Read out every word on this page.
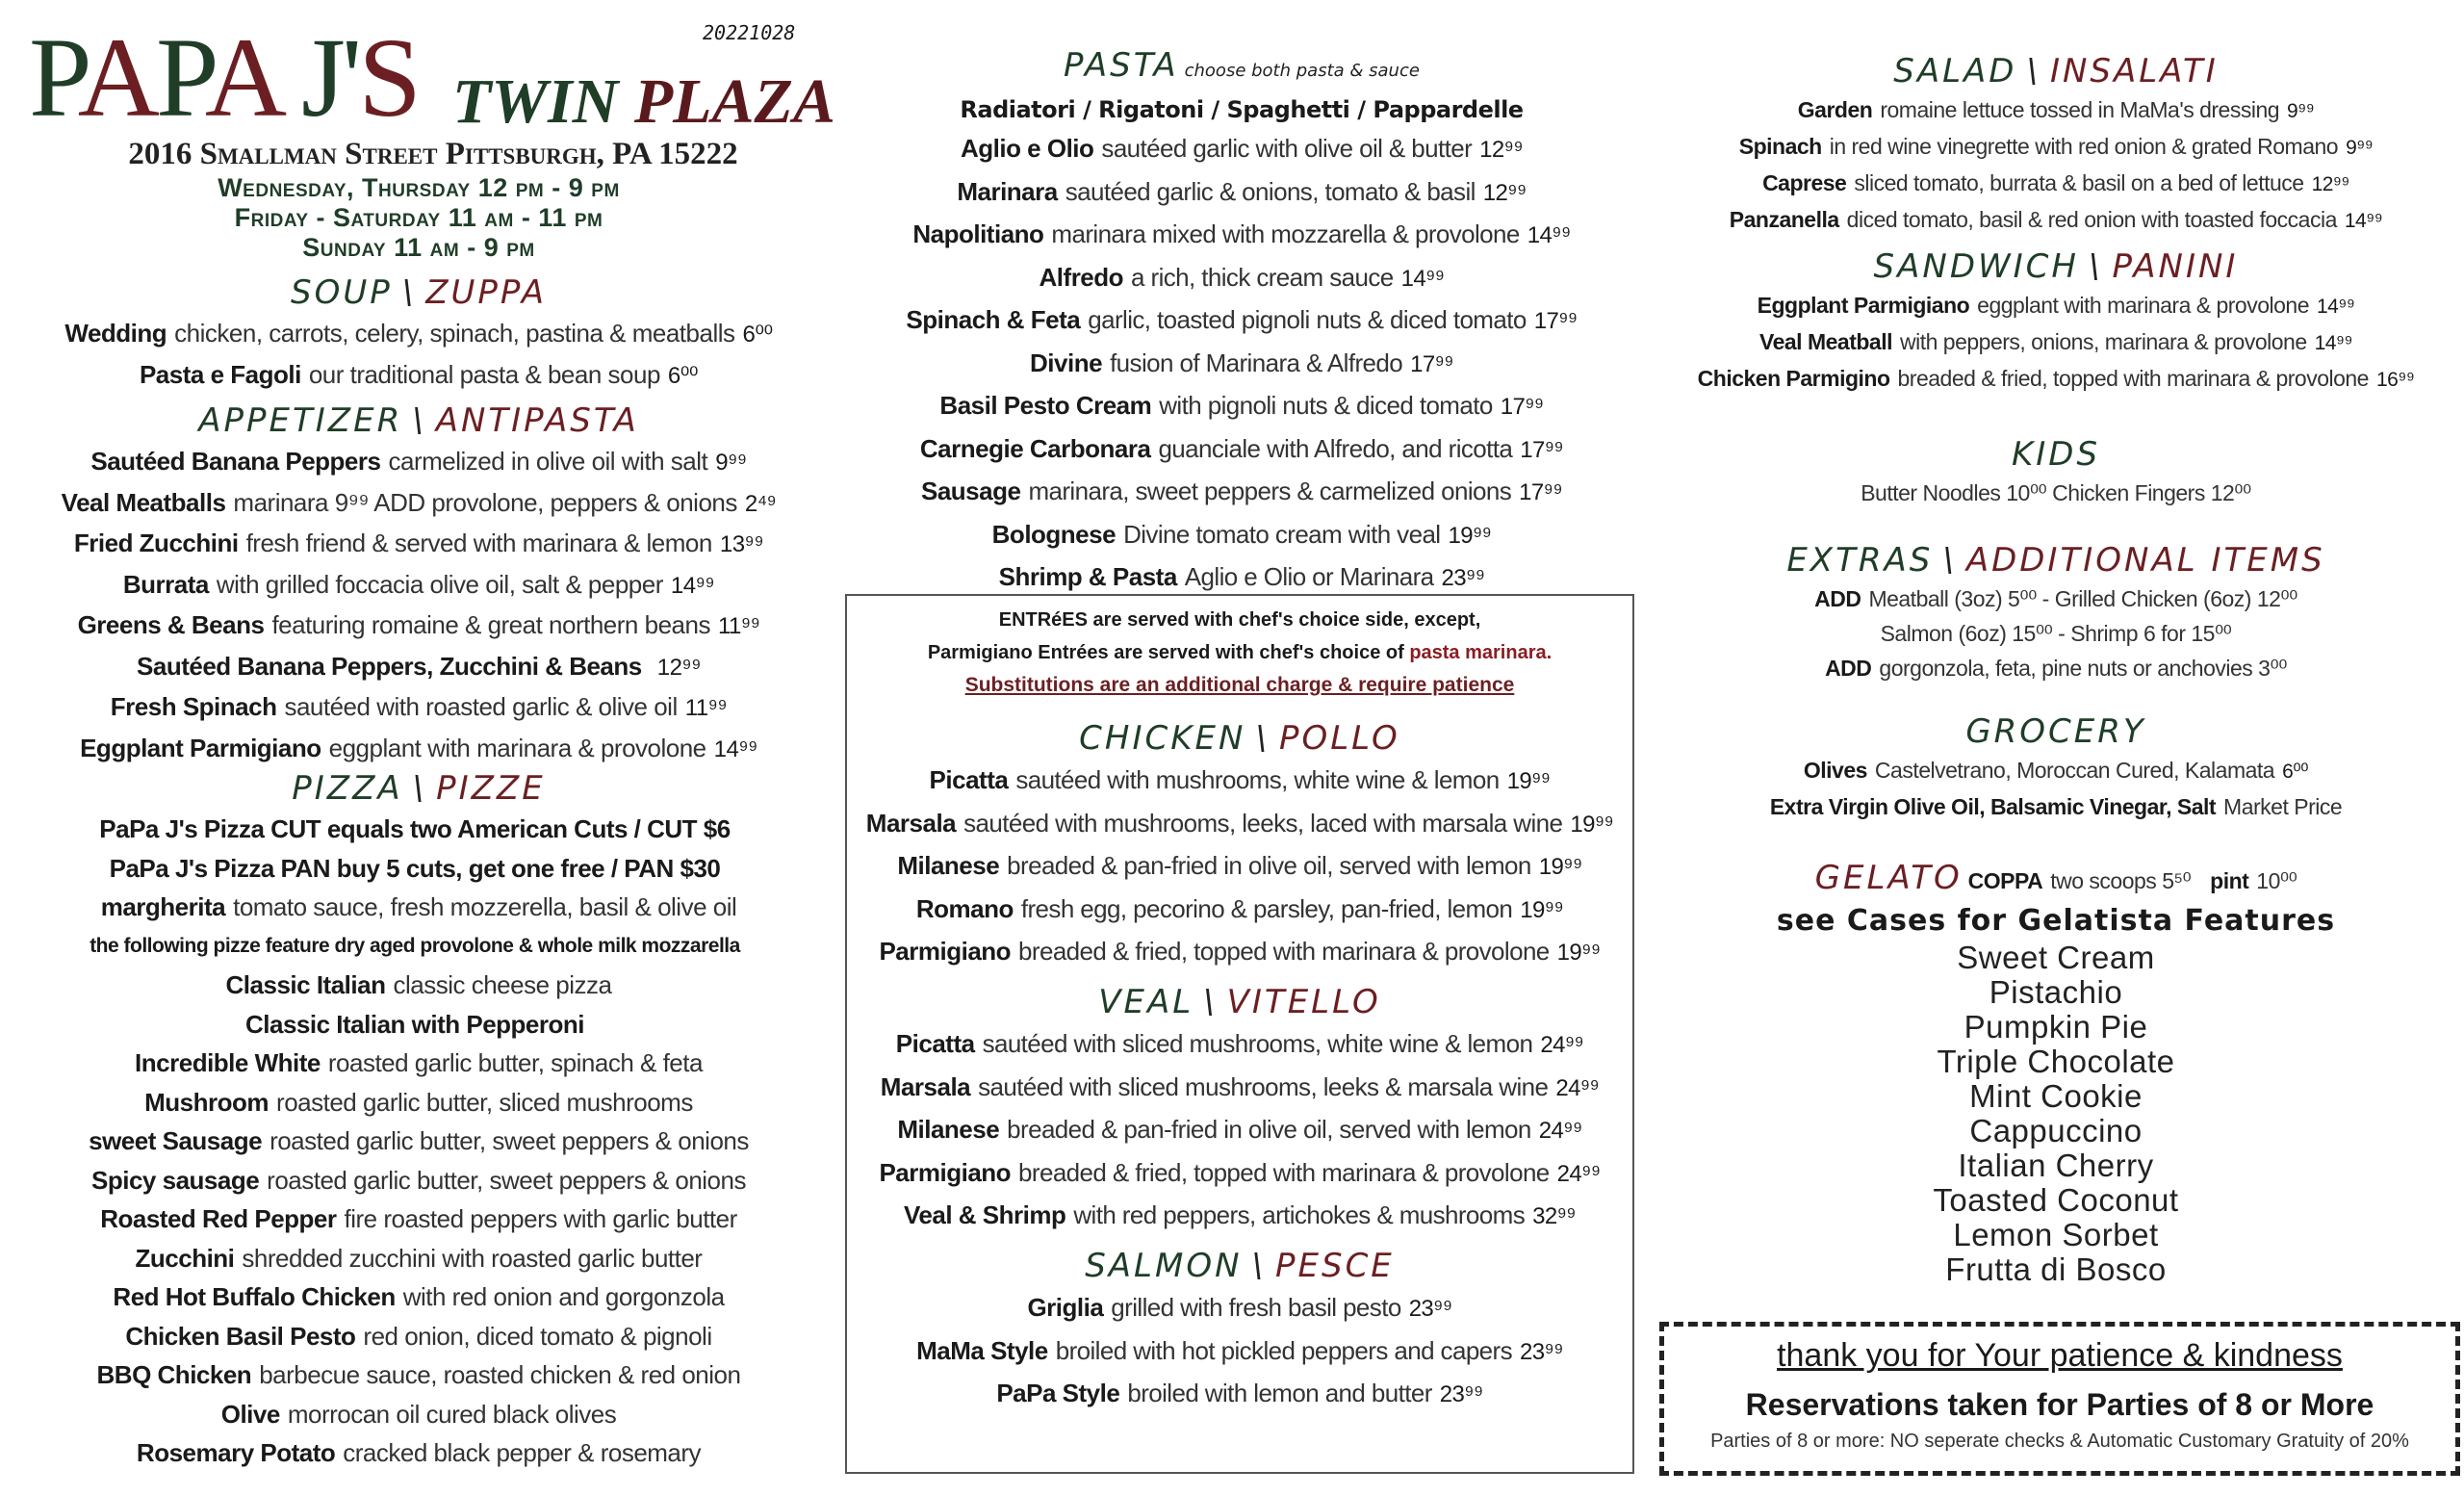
PAPA J'S TWIN PLAZA
20221028
2016 Smallman Street Pittsburgh, PA 15222
Wednesday, Thursday 12 pm - 9 pm
Friday - Saturday 11 am - 11 pm
Sunday 11 am - 9 pm
SOUP \ ZUPPA
Wedding chicken, carrots, celery, spinach, pastina & meatballs 6⁰⁰
Pasta e Fagoli our traditional pasta & bean soup 6⁰⁰
APPETIZER \ ANTIPASTA
Sautéed Banana Peppers carmelized in olive oil with salt 9⁹⁹
Veal Meatballs marinara 9⁹⁹ ADD provolone, peppers & onions 2⁴⁹
Fried Zucchini fresh friend & served with marinara & lemon 13⁹⁹
Burrata with grilled foccacia olive oil, salt & pepper 14⁹⁹
Greens & Beans featuring romaine & great northern beans 11⁹⁹
Sautéed Banana Peppers, Zucchini & Beans 12⁹⁹
Fresh Spinach sautéed with roasted garlic & olive oil 11⁹⁹
Eggplant Parmigiano eggplant with marinara & provolone 14⁹⁹
PIZZA \ PIZZE
PaPa J's Pizza CUT equals two American Cuts / CUT $6
PaPa J's Pizza PAN buy 5 cuts, get one free / PAN $30
margherita tomato sauce, fresh mozzerella, basil & olive oil
the following pizze feature dry aged provolone & whole milk mozzarella
Classic Italian classic cheese pizza
Classic Italian with Pepperoni
Incredible White roasted garlic butter, spinach & feta
Mushroom roasted garlic butter, sliced mushrooms
sweet Sausage roasted garlic butter, sweet peppers & onions
Spicy sausage roasted garlic butter, sweet peppers & onions
Roasted Red Pepper fire roasted peppers with garlic butter
Zucchini shredded zucchini with roasted garlic butter
Red Hot Buffalo Chicken with red onion and gorgonzola
Chicken Basil Pesto red onion, diced tomato & pignoli
BBQ Chicken barbecue sauce, roasted chicken & red onion
Olive morrocan oil cured black olives
Rosemary Potato cracked black pepper & rosemary
PASTA choose both pasta & sauce
Radiatori / Rigatoni / Spaghetti / Pappardelle
Aglio e Olio sautéed garlic with olive oil & butter 12⁹⁹
Marinara sautéed garlic & onions, tomato & basil 12⁹⁹
Napolitiano marinara mixed with mozzarella & provolone 14⁹⁹
Alfredo a rich, thick cream sauce 14⁹⁹
Spinach & Feta garlic, toasted pignoli nuts & diced tomato 17⁹⁹
Divine fusion of Marinara & Alfredo 17⁹⁹
Basil Pesto Cream with pignoli nuts & diced tomato 17⁹⁹
Carnegie Carbonara guanciale with Alfredo, and ricotta 17⁹⁹
Sausage marinara, sweet peppers & carmelized onions 17⁹⁹
Bolognese Divine tomato cream with veal 19⁹⁹
Shrimp & Pasta Aglio e Olio or Marinara 23⁹⁹
ENTRéES are served with chef's choice side, except,
Parmigiano Entrées are served with chef's choice of pasta marinara.
Substitutions are an additional charge & require patience
CHICKEN \ POLLO
Picatta sautéed with mushrooms, white wine & lemon 19⁹⁹
Marsala sautéed with mushrooms, leeks, laced with marsala wine 19⁹⁹
Milanese breaded & pan-fried in olive oil, served with lemon 19⁹⁹
Romano fresh egg, pecorino & parsley, pan-fried, lemon 19⁹⁹
Parmigiano breaded & fried, topped with marinara & provolone 19⁹⁹
VEAL \ VITELLO
Picatta sautéed with sliced mushrooms, white wine & lemon 24⁹⁹
Marsala sautéed with sliced mushrooms, leeks & marsala wine 24⁹⁹
Milanese breaded & pan-fried in olive oil, served with lemon 24⁹⁹
Parmigiano breaded & fried, topped with marinara & provolone 24⁹⁹
Veal & Shrimp with red peppers, artichokes & mushrooms 32⁹⁹
SALMON \ PESCE
Griglia grilled with fresh basil pesto 23⁹⁹
MaMa Style broiled with hot pickled peppers and capers 23⁹⁹
PaPa Style broiled with lemon and butter 23⁹⁹
SALAD \ INSALATI
Garden romaine lettuce tossed in MaMa's dressing 9⁹⁹
Spinach in red wine vinegrette with red onion & grated Romano 9⁹⁹
Caprese sliced tomato, burrata & basil on a bed of lettuce 12⁹⁹
Panzanella diced tomato, basil & red onion with toasted foccacia 14⁹⁹
SANDWICH \ PANINI
Eggplant Parmigiano eggplant with marinara & provolone 14⁹⁹
Veal Meatball with peppers, onions, marinara & provolone 14⁹⁹
Chicken Parmigino breaded & fried, topped with marinara & provolone 16⁹⁹
KIDS
Butter Noodles 10⁰⁰ Chicken Fingers 12⁰⁰
EXTRAS \ ADDITIONAL ITEMS
ADD Meatball (3oz) 5⁰⁰ - Grilled Chicken (6oz) 12⁰⁰
Salmon (6oz) 15⁰⁰ - Shrimp 6 for 15⁰⁰
ADD gorgonzola, feta, pine nuts or anchovies 3⁰⁰
GROCERY
Olives Castelvetrano, Moroccan Cured, Kalamata 6⁰⁰
Extra Virgin Olive Oil, Balsamic Vinegar, Salt Market Price
GELATO COPPA two scoops 5⁵⁰ pint 10⁰⁰
see Cases for Gelatista Features
Sweet Cream
Pistachio
Pumpkin Pie
Triple Chocolate
Mint Cookie
Cappuccino
Italian Cherry
Toasted Coconut
Lemon Sorbet
Frutta di Bosco
thank you for Your patience & kindness
Reservations taken for Parties of 8 or More
Parties of 8 or more: NO seperate checks & Automatic Customary Gratuity of 20%
